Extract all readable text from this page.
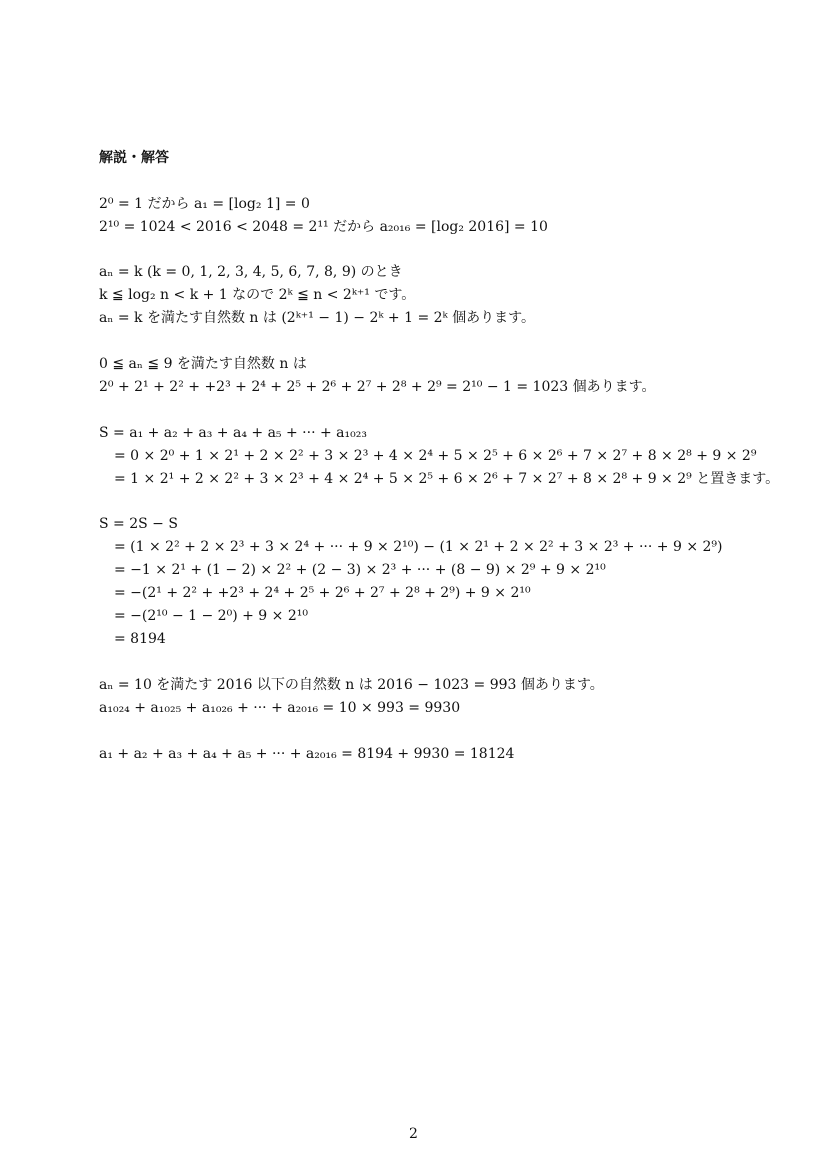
解説・解答
2⁰ = 1 だから a₁ = [log₂ 1] = 0
2¹⁰ = 1024 < 2016 < 2048 = 2¹¹ だから a₂₀₁₆ = [log₂ 2016] = 10
aₙ = k (k = 0, 1, 2, 3, 4, 5, 6, 7, 8, 9) のとき
k ≦ log₂ n < k + 1 なので 2ᵏ ≦ n < 2ᵏ⁺¹ です。
aₙ = k を満たす自然数 n は (2ᵏ⁺¹ − 1) − 2ᵏ + 1 = 2ᵏ 個あります。
0 ≦ aₙ ≦ 9 を満たす自然数 n は
2⁰ + 2¹ + 2² + +2³ + 2⁴ + 2⁵ + 2⁶ + 2⁷ + 2⁸ + 2⁹ = 2¹⁰ − 1 = 1023 個あります。
S = a₁ + a₂ + a₃ + a₄ + a₅ + ··· + a₁₀₂₃
= 0 × 2⁰ + 1 × 2¹ + 2 × 2² + 3 × 2³ + 4 × 2⁴ + 5 × 2⁵ + 6 × 2⁶ + 7 × 2⁷ + 8 × 2⁸ + 9 × 2⁹
= 1 × 2¹ + 2 × 2² + 3 × 2³ + 4 × 2⁴ + 5 × 2⁵ + 6 × 2⁶ + 7 × 2⁷ + 8 × 2⁸ + 9 × 2⁹ と置きます。
S = 2S − S
= (1 × 2² + 2 × 2³ + 3 × 2⁴ + ··· + 9 × 2¹⁰) − (1 × 2¹ + 2 × 2² + 3 × 2³ + ··· + 9 × 2⁹)
= −1 × 2¹ + (1 − 2) × 2² + (2 − 3) × 2³ + ··· + (8 − 9) × 2⁹ + 9 × 2¹⁰
= −(2¹ + 2² + +2³ + 2⁴ + 2⁵ + 2⁶ + 2⁷ + 2⁸ + 2⁹) + 9 × 2¹⁰
= −(2¹⁰ − 1 − 2⁰) + 9 × 2¹⁰
= 8194
aₙ = 10 を満たす 2016 以下の自然数 n は 2016 − 1023 = 993 個あります。
a₁₀₂₄ + a₁₀₂₅ + a₁₀₂₆ + ··· + a₂₀₁₆ = 10 × 993 = 9930
a₁ + a₂ + a₃ + a₄ + a₅ + ··· + a₂₀₁₆ = 8194 + 9930 = 18124
2
